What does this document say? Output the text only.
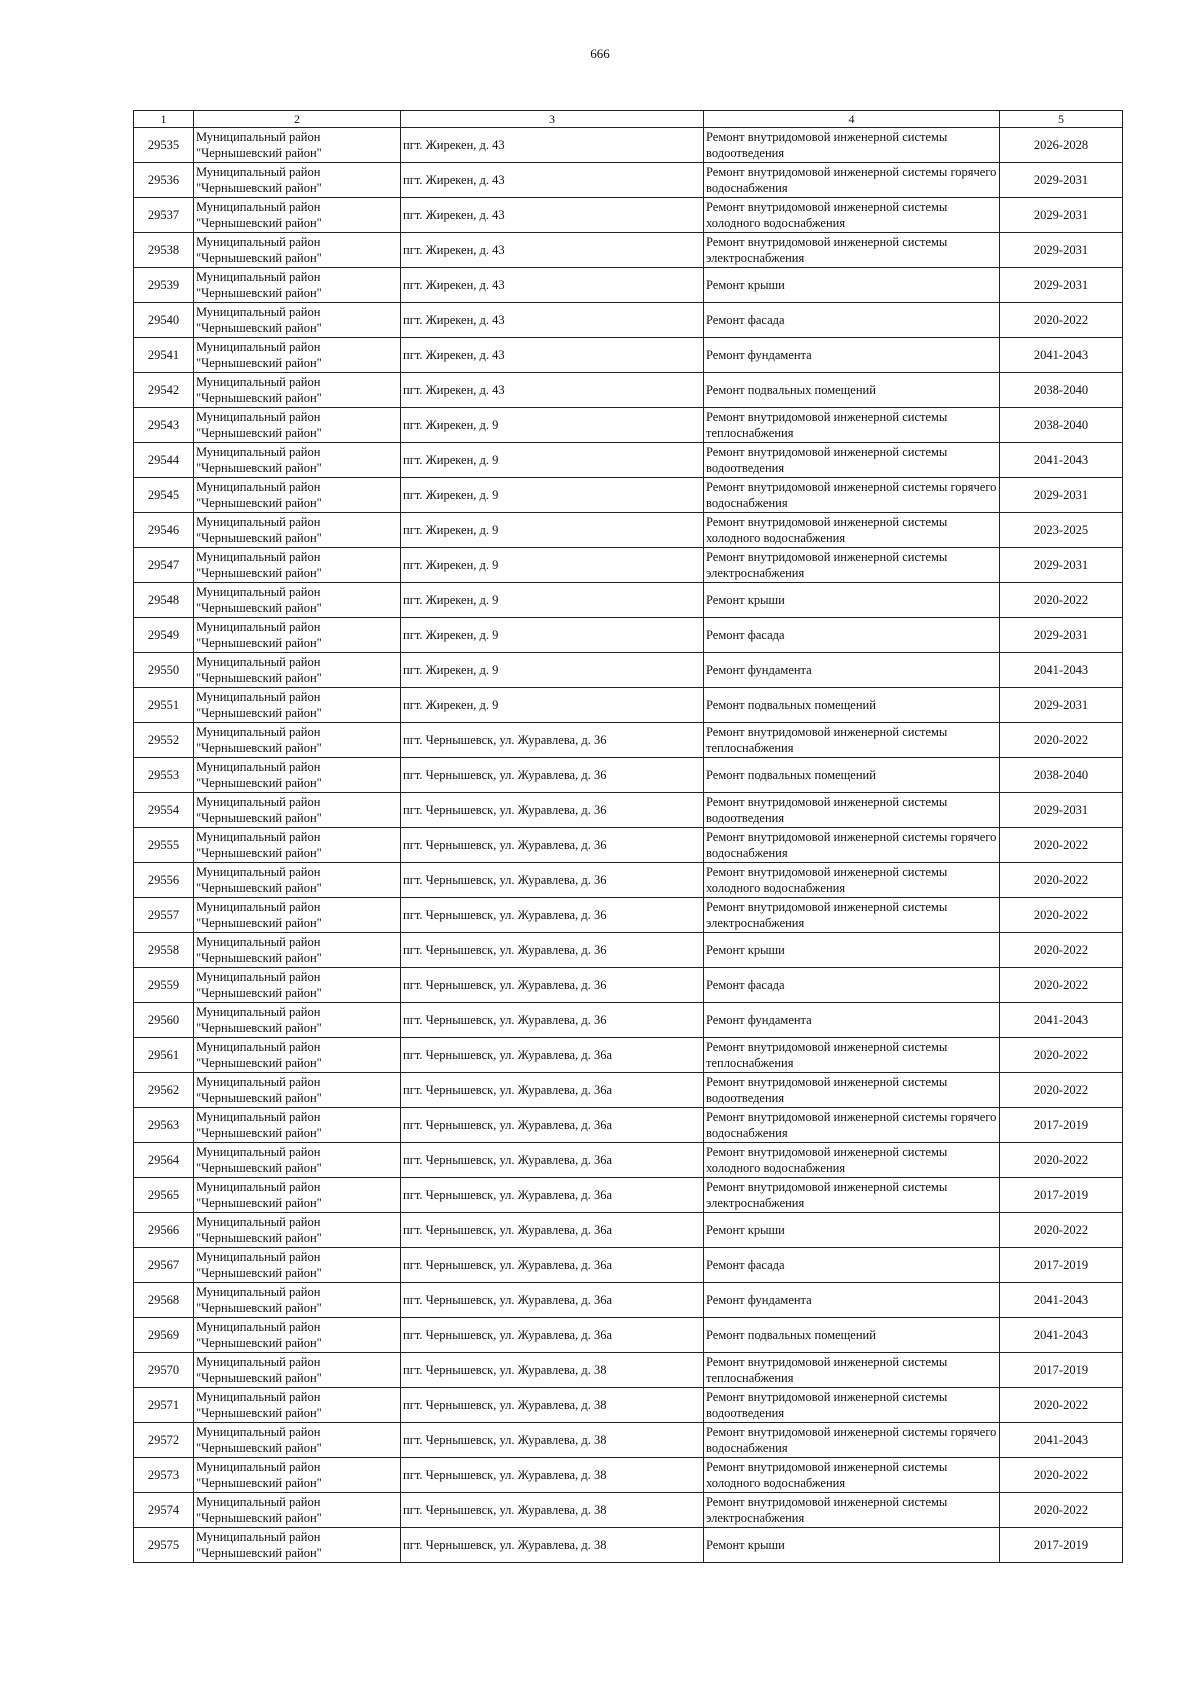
666
1	2	3	4	5
29535	Муниципальный район "Чернышевский район"	пгт. Жирекен, д. 43	Ремонт внутридомовой инженерной системы водоотведения	2026-2028
29536	Муниципальный район "Чернышевский район"	пгт. Жирекен, д. 43	Ремонт внутридомовой инженерной системы горячего водоснабжения	2029-2031
29537	Муниципальный район "Чернышевский район"	пгт. Жирекен, д. 43	Ремонт внутридомовой инженерной системы холодного водоснабжения	2029-2031
29538	Муниципальный район "Чернышевский район"	пгт. Жирекен, д. 43	Ремонт внутридомовой инженерной системы электроснабжения	2029-2031
29539	Муниципальный район "Чернышевский район"	пгт. Жирекен, д. 43	Ремонт крыши	2029-2031
29540	Муниципальный район "Чернышевский район"	пгт. Жирекен, д. 43	Ремонт фасада	2020-2022
29541	Муниципальный район "Чернышевский район"	пгт. Жирекен, д. 43	Ремонт фундамента	2041-2043
29542	Муниципальный район "Чернышевский район"	пгт. Жирекен, д. 43	Ремонт подвальных помещений	2038-2040
29543	Муниципальный район "Чернышевский район"	пгт. Жирекен, д. 9	Ремонт внутридомовой инженерной системы теплоснабжения	2038-2040
29544	Муниципальный район "Чернышевский район"	пгт. Жирекен, д. 9	Ремонт внутридомовой инженерной системы водоотведения	2041-2043
29545	Муниципальный район "Чернышевский район"	пгт. Жирекен, д. 9	Ремонт внутридомовой инженерной системы горячего водоснабжения	2029-2031
29546	Муниципальный район "Чернышевский район"	пгт. Жирекен, д. 9	Ремонт внутридомовой инженерной системы холодного водоснабжения	2023-2025
29547	Муниципальный район "Чернышевский район"	пгт. Жирекен, д. 9	Ремонт внутридомовой инженерной системы электроснабжения	2029-2031
29548	Муниципальный район "Чернышевский район"	пгт. Жирекен, д. 9	Ремонт крыши	2020-2022
29549	Муниципальный район "Чернышевский район"	пгт. Жирекен, д. 9	Ремонт фасада	2029-2031
29550	Муниципальный район "Чернышевский район"	пгт. Жирекен, д. 9	Ремонт фундамента	2041-2043
29551	Муниципальный район "Чернышевский район"	пгт. Жирекен, д. 9	Ремонт подвальных помещений	2029-2031
29552	Муниципальный район "Чернышевский район"	пгт. Чернышевск, ул. Журавлева, д. 36	Ремонт внутридомовой инженерной системы теплоснабжения	2020-2022
29553	Муниципальный район "Чернышевский район"	пгт. Чернышевск, ул. Журавлева, д. 36	Ремонт подвальных помещений	2038-2040
29554	Муниципальный район "Чернышевский район"	пгт. Чернышевск, ул. Журавлева, д. 36	Ремонт внутридомовой инженерной системы водоотведения	2029-2031
29555	Муниципальный район "Чернышевский район"	пгт. Чернышевск, ул. Журавлева, д. 36	Ремонт внутридомовой инженерной системы горячего водоснабжения	2020-2022
29556	Муниципальный район "Чернышевский район"	пгт. Чернышевск, ул. Журавлева, д. 36	Ремонт внутридомовой инженерной системы холодного водоснабжения	2020-2022
29557	Муниципальный район "Чернышевский район"	пгт. Чернышевск, ул. Журавлева, д. 36	Ремонт внутридомовой инженерной системы электроснабжения	2020-2022
29558	Муниципальный район "Чернышевский район"	пгт. Чернышевск, ул. Журавлева, д. 36	Ремонт крыши	2020-2022
29559	Муниципальный район "Чернышевский район"	пгт. Чернышевск, ул. Журавлева, д. 36	Ремонт фасада	2020-2022
29560	Муниципальный район "Чернышевский район"	пгт. Чернышевск, ул. Журавлева, д. 36	Ремонт фундамента	2041-2043
29561	Муниципальный район "Чернышевский район"	пгт. Чернышевск, ул. Журавлева, д. 36а	Ремонт внутридомовой инженерной системы теплоснабжения	2020-2022
29562	Муниципальный район "Чернышевский район"	пгт. Чернышевск, ул. Журавлева, д. 36а	Ремонт внутридомовой инженерной системы водоотведения	2020-2022
29563	Муниципальный район "Чернышевский район"	пгт. Чернышевск, ул. Журавлева, д. 36а	Ремонт внутридомовой инженерной системы горячего водоснабжения	2017-2019
29564	Муниципальный район "Чернышевский район"	пгт. Чернышевск, ул. Журавлева, д. 36а	Ремонт внутридомовой инженерной системы холодного водоснабжения	2020-2022
29565	Муниципальный район "Чернышевский район"	пгт. Чернышевск, ул. Журавлева, д. 36а	Ремонт внутридомовой инженерной системы электроснабжения	2017-2019
29566	Муниципальный район "Чернышевский район"	пгт. Чернышевск, ул. Журавлева, д. 36а	Ремонт крыши	2020-2022
29567	Муниципальный район "Чернышевский район"	пгт. Чернышевск, ул. Журавлева, д. 36а	Ремонт фасада	2017-2019
29568	Муниципальный район "Чернышевский район"	пгт. Чернышевск, ул. Журавлева, д. 36а	Ремонт фундамента	2041-2043
29569	Муниципальный район "Чернышевский район"	пгт. Чернышевск, ул. Журавлева, д. 36а	Ремонт подвальных помещений	2041-2043
29570	Муниципальный район "Чернышевский район"	пгт. Чернышевск, ул. Журавлева, д. 38	Ремонт внутридомовой инженерной системы теплоснабжения	2017-2019
29571	Муниципальный район "Чернышевский район"	пгт. Чернышевск, ул. Журавлева, д. 38	Ремонт внутридомовой инженерной системы водоотведения	2020-2022
29572	Муниципальный район "Чернышевский район"	пгт. Чернышевск, ул. Журавлева, д. 38	Ремонт внутридомовой инженерной системы горячего водоснабжения	2041-2043
29573	Муниципальный район "Чернышевский район"	пгт. Чернышевск, ул. Журавлева, д. 38	Ремонт внутридомовой инженерной системы холодного водоснабжения	2020-2022
29574	Муниципальный район "Чернышевский район"	пгт. Чернышевск, ул. Журавлева, д. 38	Ремонт внутридомовой инженерной системы электроснабжения	2020-2022
29575	Муниципальный район "Чернышевский район"	пгт. Чернышевск, ул. Журавлева, д. 38	Ремонт крыши	2017-2019
